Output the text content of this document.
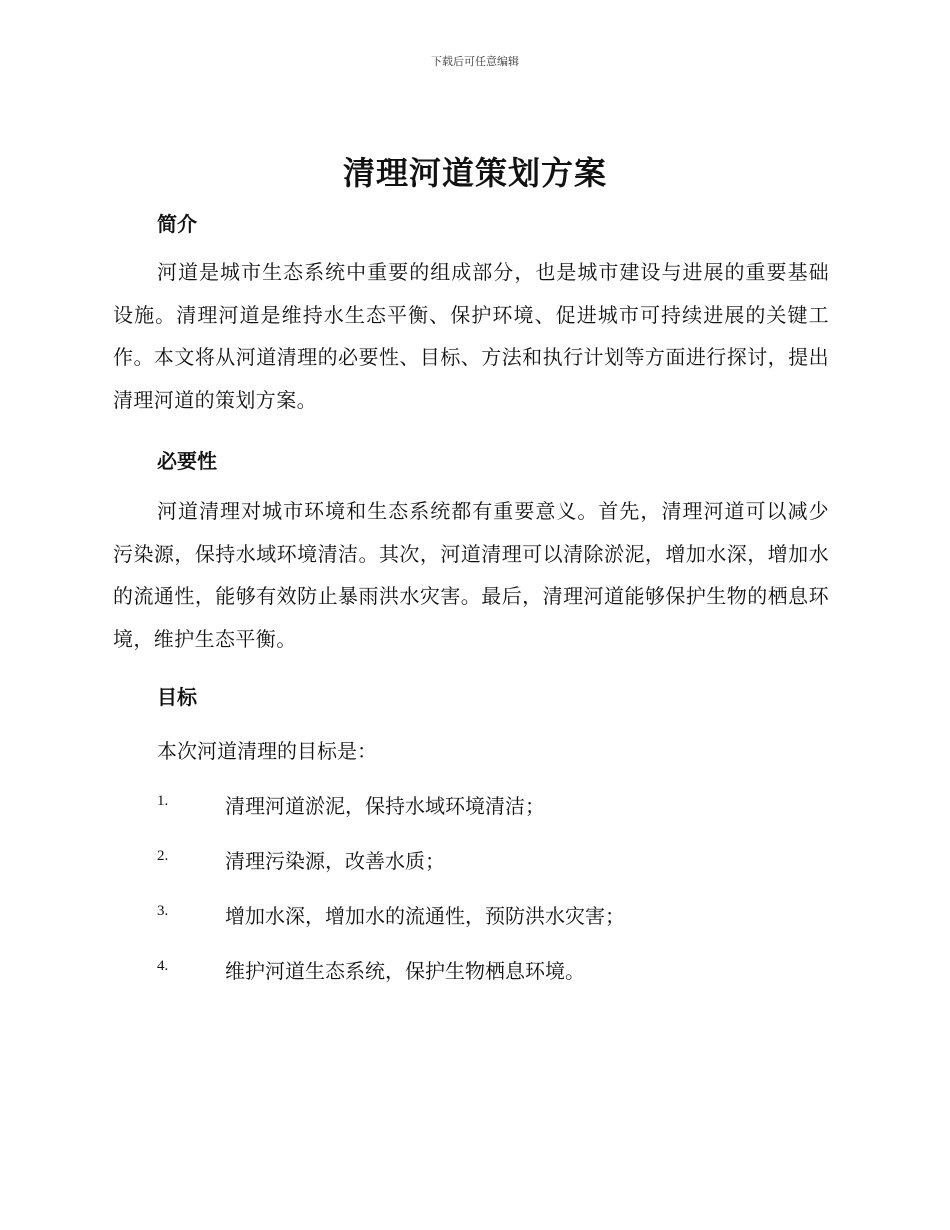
下载后可任意编辑
清理河道策划方案
简介
河道是城市生态系统中重要的组成部分，也是城市建设与进展的重要基础设施。清理河道是维持水生态平衡、保护环境、促进城市可持续进展的关键工作。本文将从河道清理的必要性、目标、方法和执行计划等方面进行探讨，提出清理河道的策划方案。
必要性
河道清理对城市环境和生态系统都有重要意义。首先，清理河道可以减少污染源，保持水域环境清洁。其次，河道清理可以清除淤泥，增加水深，增加水的流通性，能够有效防止暴雨洪水灾害。最后，清理河道能够保护生物的栖息环境，维护生态平衡。
目标
本次河道清理的目标是：
1.	清理河道淤泥，保持水域环境清洁；
2.	清理污染源，改善水质；
3.	增加水深，增加水的流通性，预防洪水灾害；
4.	维护河道生态系统，保护生物栖息环境。
